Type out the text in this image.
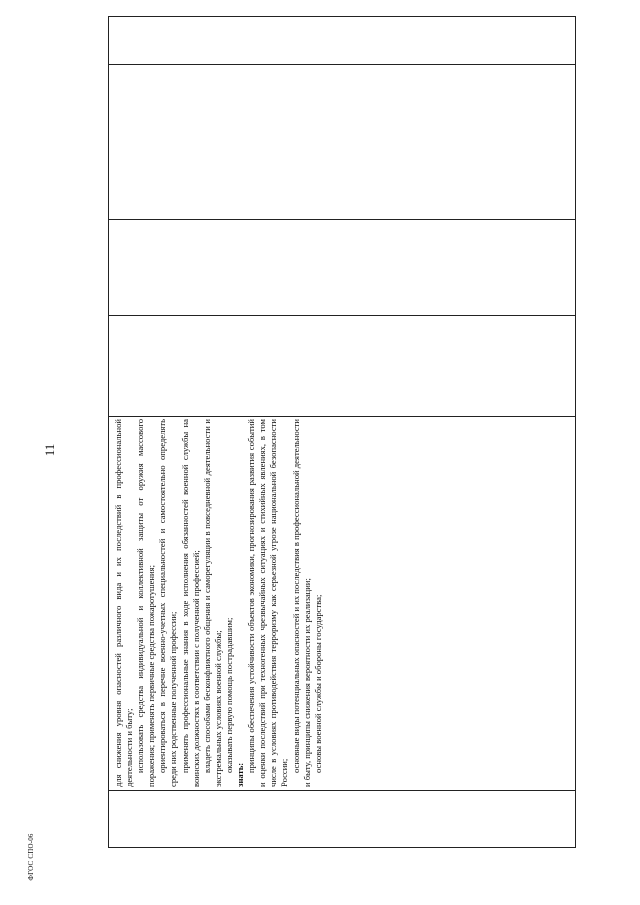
11	для снижения уровня опасностей различного вида и их последствий в профессиональной деятельности и быту; использовать средства индивидуальной и коллективной защиты от оружия массового поражения; применять первичные средства пожаротушения; ориентироваться в перечне военно-учетных специальностей и самостоятельно определять среди них родственные полученной профессии; применять профессиональные знания в ходе исполнения обязанностей военной службы на воинских должностях в соответствии с полученной профессией; владеть способами бесконфликтного общения и саморегуляции в повседневной деятельности и экстремальных условиях военной службы; оказывать первую помощь пострадавшим;

знать:

принципы обеспечения устойчивости объектов экономики, прогнозирования развития событий и оценки последствий при техногенных чрезвычайных ситуациях и стихийных явлениях, в том числе в условиях противодействия терроризму как серьезной угрозе национальной безопасности России; основные виды потенциальных опасностей и их последствия в профессиональной деятельности и быту, принципы снижения вероятности их реализации; основы военной службы и обороны государства;

ФГОС СПО-06
